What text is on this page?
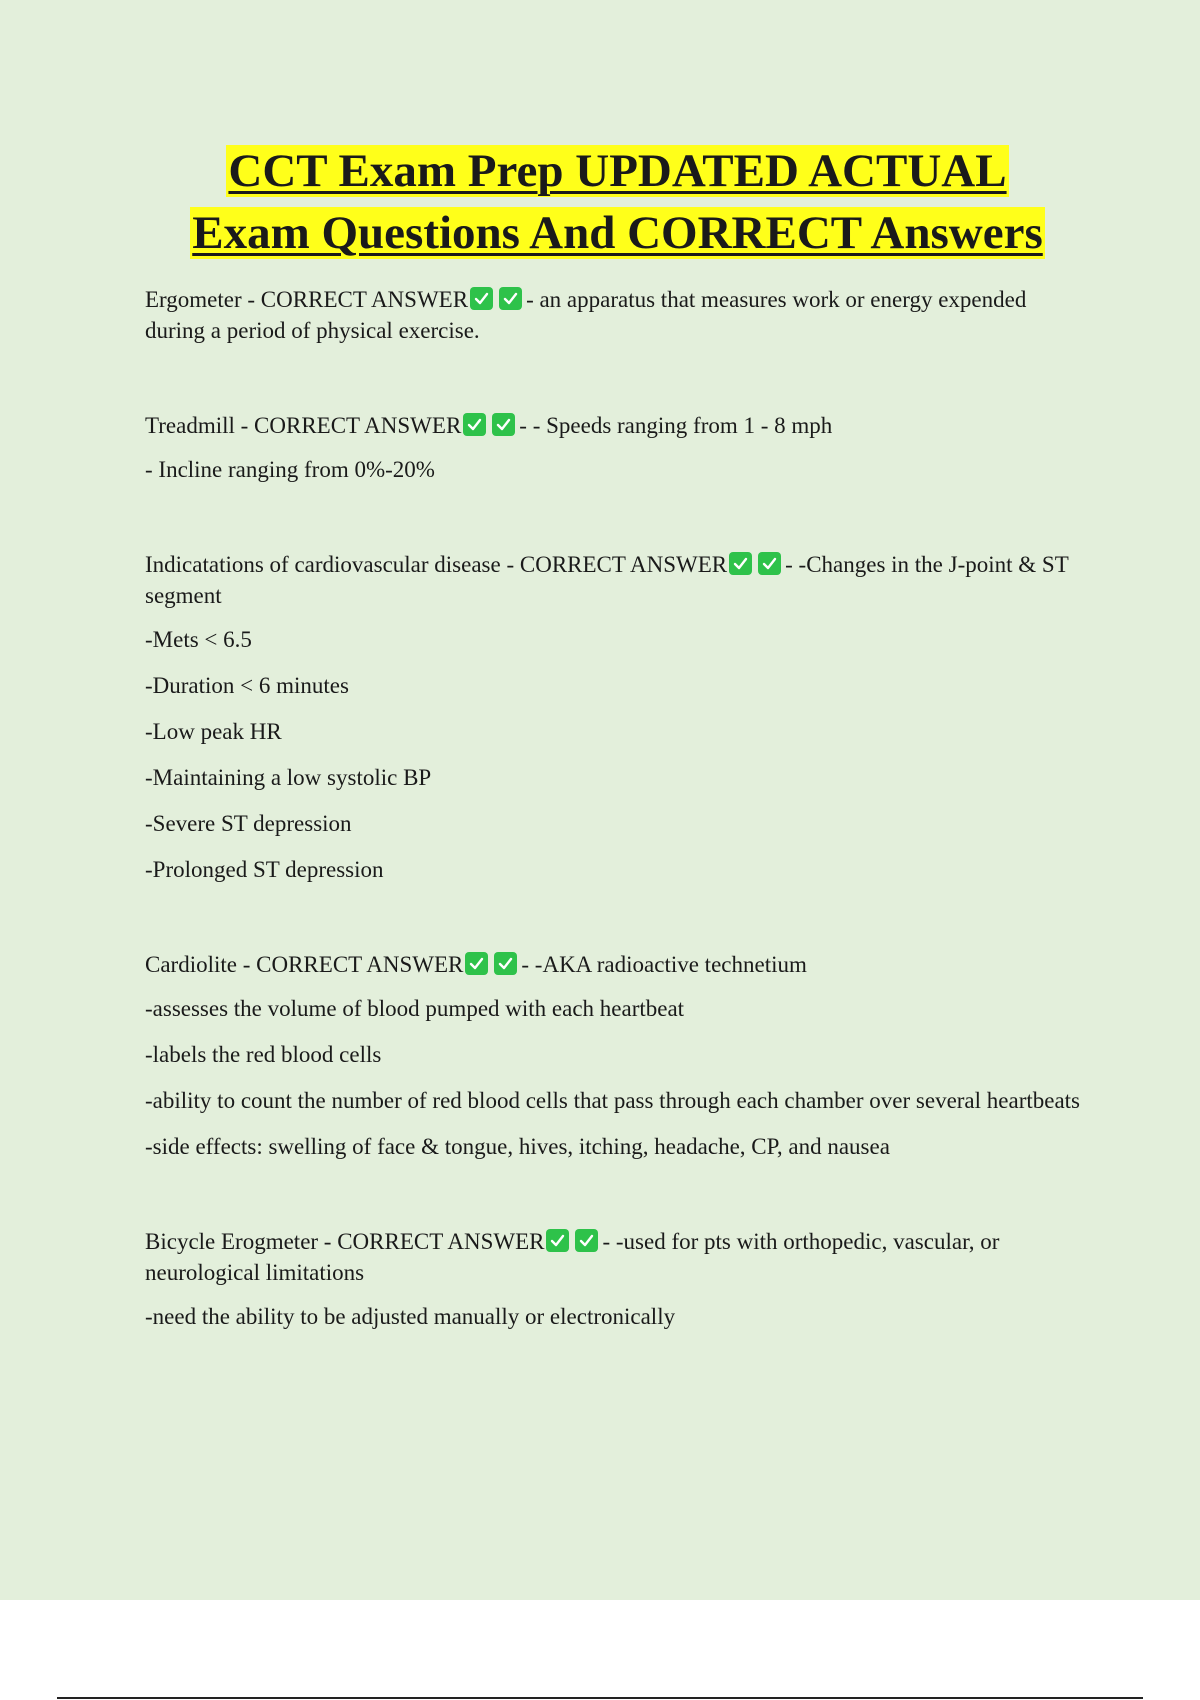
CCT Exam Prep UPDATED ACTUAL
Exam Questions And CORRECT Answers

Ergometer - CORRECT ANSWER	- an apparatus that measures work or energy expended during a period of physical exercise.

Treadmill - CORRECT ANSWER	- - Speeds ranging from 1 - 8 mph

- Incline ranging from 0%-20%

Indicatations of cardiovascular disease - CORRECT ANSWER	- -Changes in the J-point & ST segment

-Mets < 6.5

-Duration < 6 minutes

-Low peak HR

-Maintaining a low systolic BP

-Severe ST depression

-Prolonged ST depression

Cardiolite - CORRECT ANSWER	- -AKA radioactive technetium

-assesses the volume of blood pumped with each heartbeat

-labels the red blood cells

-ability to count the number of red blood cells that pass through each chamber over several heartbeats

-side effects: swelling of face & tongue, hives, itching, headache, CP, and nausea

Bicycle Erogmeter - CORRECT ANSWER	- -used for pts with orthopedic, vascular, or neurological limitations

-need the ability to be adjusted manually or electronically
